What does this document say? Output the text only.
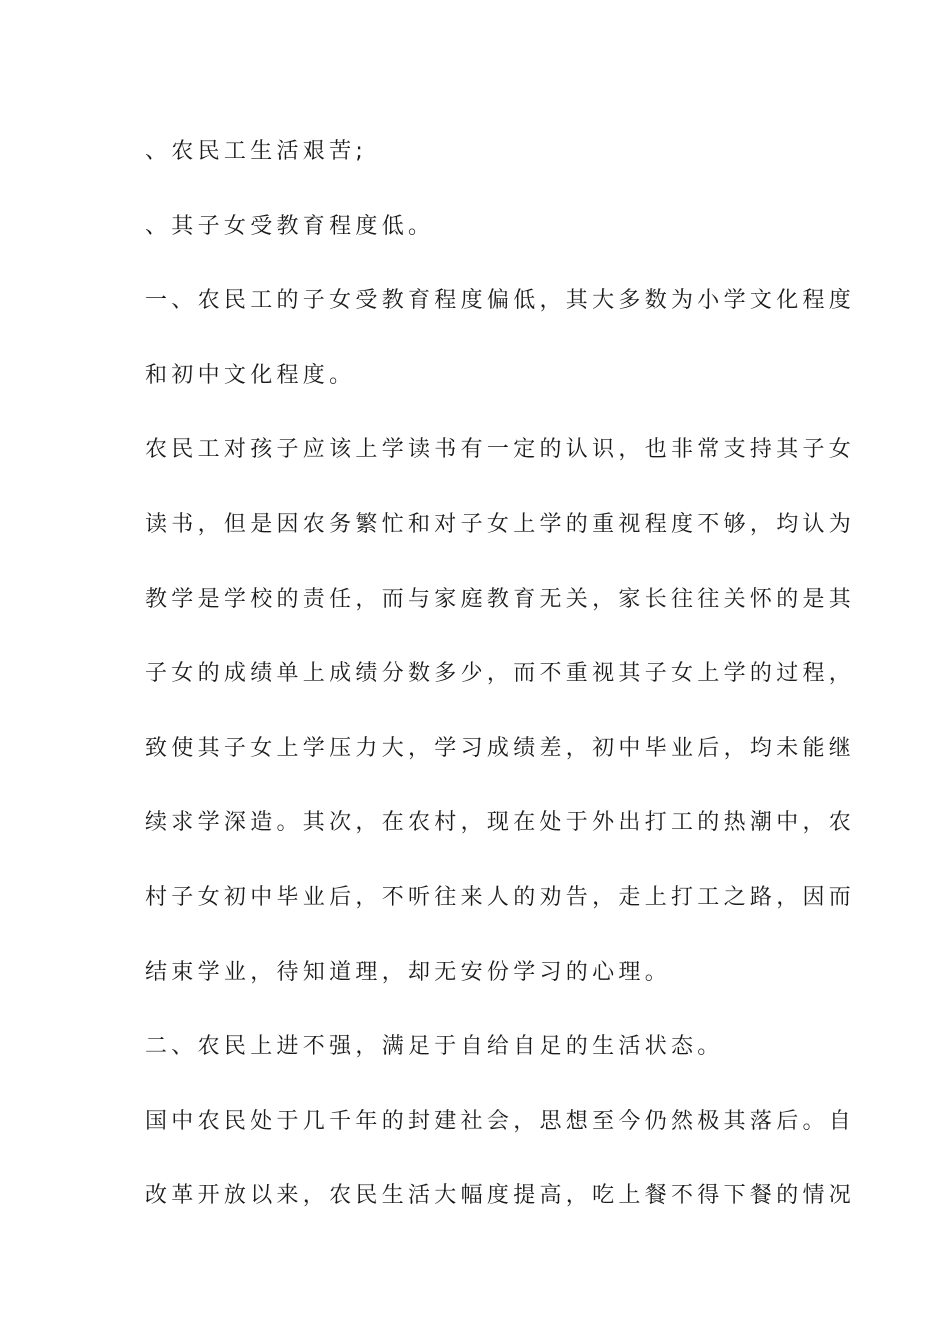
、农民工生活艰苦;
、其子女受教育程度低。
一、农民工的子女受教育程度偏低，其大多数为小学文化程度
和初中文化程度。
农民工对孩子应该上学读书有一定的认识，也非常支持其子女
读书，但是因农务繁忙和对子女上学的重视程度不够，均认为
教学是学校的责任，而与家庭教育无关，家长往往关怀的是其
子女的成绩单上成绩分数多少，而不重视其子女上学的过程，
致使其子女上学压力大，学习成绩差，初中毕业后，均未能继
续求学深造。其次，在农村，现在处于外出打工的热潮中，农
村子女初中毕业后，不听往来人的劝告，走上打工之路，因而
结束学业，待知道理，却无安份学习的心理。
二、农民上进不强，满足于自给自足的生活状态。
国中农民处于几千年的封建社会，思想至今仍然极其落后。自
改革开放以来，农民生活大幅度提高，吃上餐不得下餐的情况
